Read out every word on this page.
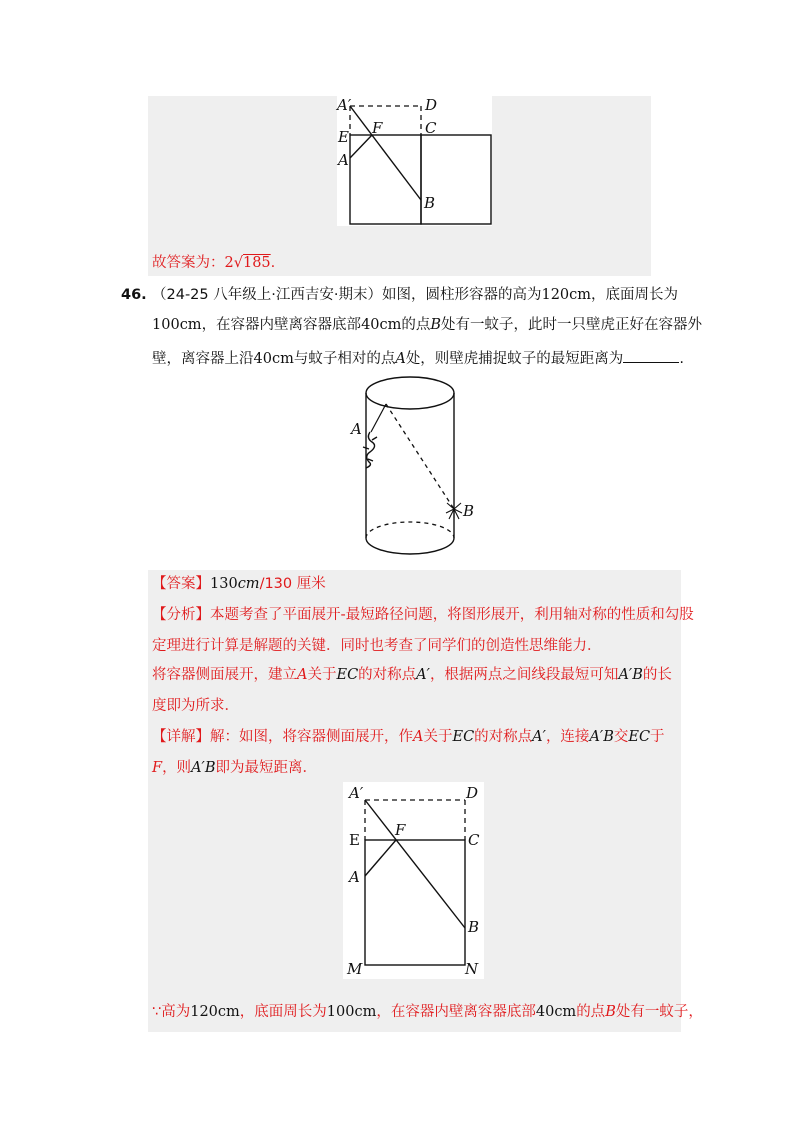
A′	D
E F	C
A
B
故答案为：2√185.
46. （24-25 八年级上·江西吉安·期末）如图，圆柱形容器的高为120cm，底面周长为
100cm，在容器内壁离容器底部40cm的点B处有一蚊子，此时一只壁虎正好在容器外
壁，离容器上沿40cm与蚊子相对的点A处，则壁虎捕捉蚊子的最短距离为	.
A
B
【答案】130cm/130 厘米
【分析】本题考查了平面展开-最短路径问题，将图形展开，利用轴对称的性质和勾股
定理进行计算是解题的关键．同时也考查了同学们的创造性思维能力．
将容器侧面展开，建立A关于EC的对称点A′，根据两点之间线段最短可知A′B的长
度即为所求．
【详解】解：如图，将容器侧面展开，作A关于EC的对称点A′，连接A′B交EC于
F，则A′B即为最短距离．
A′	D
E
F
C
A
B
M	N
∵高为120cm，底面周长为100cm，在容器内壁离容器底部40cm的点B处有一蚊子，
